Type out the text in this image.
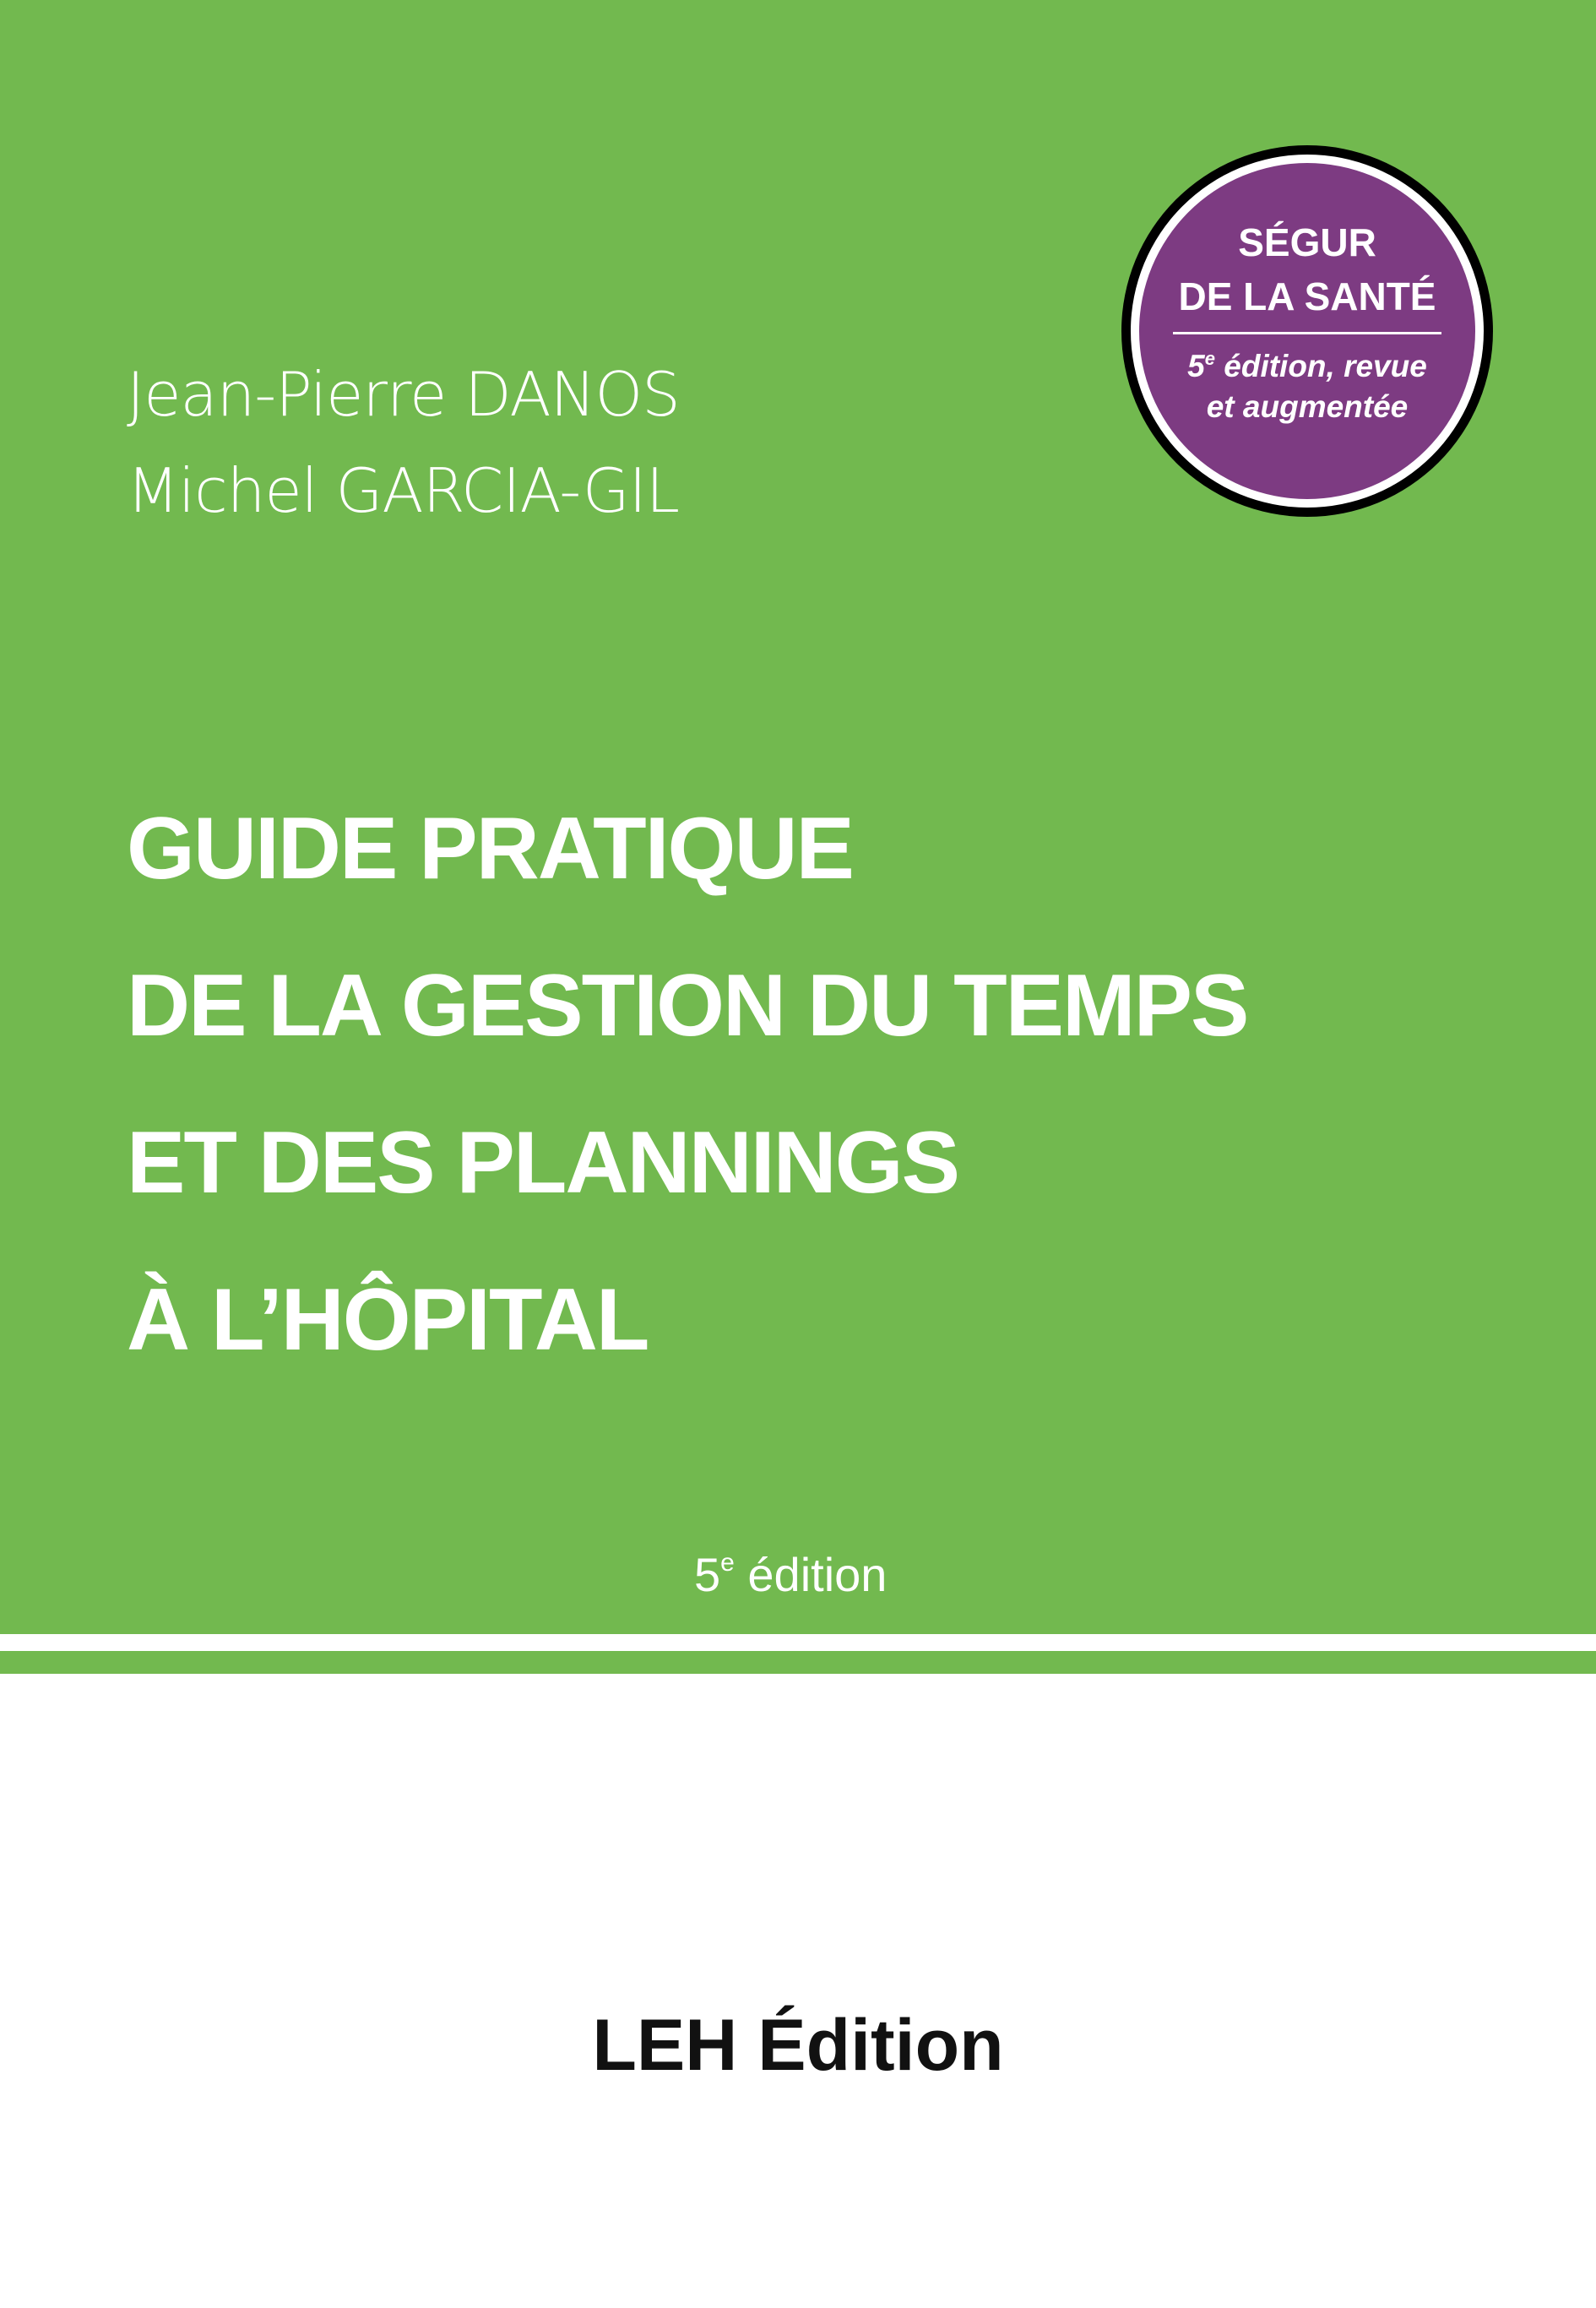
SÉGUR
DE LA SANTÉ
5e édition, revue
et augmentée
Jean-Pierre DANOS
Michel GARCIA-GIL
GUIDE PRATIQUE
DE LA GESTION DU TEMPS
ET DES PLANNINGS
À L’HÔPITAL
5e édition
LEH Édition
